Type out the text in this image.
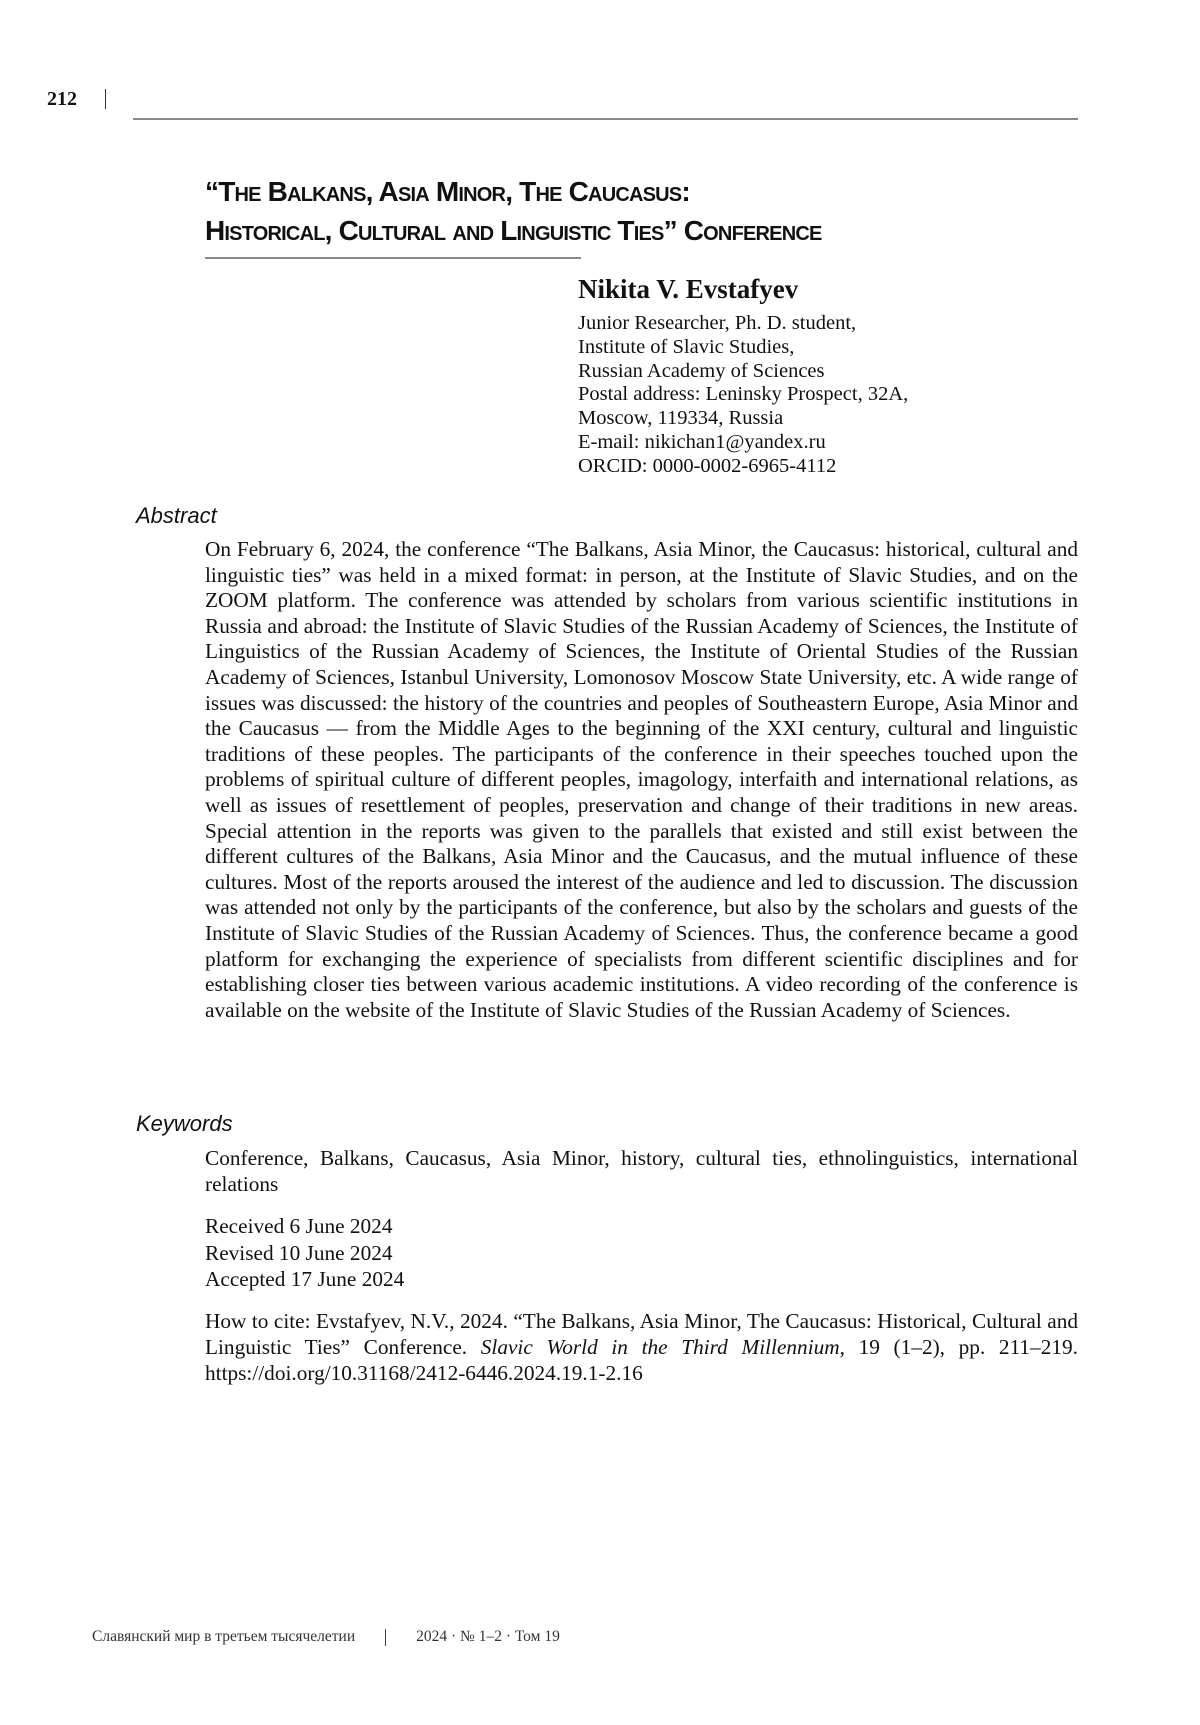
212
“The Balkans, Asia Minor, The Caucasus:
Historical, Cultural and Linguistic Ties” Conference
Nikita V. Evstafyev
Junior Researcher, Ph. D. student,
Institute of Slavic Studies,
Russian Academy of Sciences
Postal address: Leninsky Prospect, 32A,
Moscow, 119334, Russia
E-mail: nikichan1@yandex.ru
ORCID: 0000-0002-6965-4112
Abstract
On February 6, 2024, the conference “The Balkans, Asia Minor, the Caucasus: histori­cal, cultural and linguistic ties” was held in a mixed format: in person, at the Institute of Slavic Studies, and on the ZOOM platform. The conference was attended by scholars from various scientific institutions in Russia and abroad: the Institute of Slavic Studies of the Russian Academy of Sciences, the Institute of Linguistics of the Russian Acade­my of Sciences, the Institute of Oriental Studies of the Russian Academy of Sciences, Istanbul University, Lomonosov Moscow State University, etc. A wide range of issues was discussed: the history of the countries and peoples of Southeastern Europe, Asia Minor and the Caucasus — from the Middle Ages to the beginning of the XXI century, cultural and linguistic traditions of these peoples. The participants of the conference in their speeches touched upon the problems of spiritual culture of different peoples, imagology, interfaith and international relations, as well as issues of resettlement of peoples, preservation and change of their traditions in new areas. Special attention in the reports was given to the parallels that existed and still exist between the different cultures of the Balkans, Asia Minor and the Caucasus, and the mutual influence of these cultures. Most of the reports aroused the interest of the audience and led to discussion. The discussion was attended not only by the participants of the conference, but also by the scholars and guests of the Institute of Slavic Studies of the Russian Academy of Sciences. Thus, the conference became a good platform for exchanging the experi­ence of specialists from different scientific disciplines and for establishing closer ties between various academic institutions. A video recording of the conference is available on the website of the Institute of Slavic Studies of the Russian Academy of Sciences.
Keywords
Conference, Balkans, Caucasus, Asia Minor, history, cultural ties, ethnolinguistics, inter­national relations
Received 6 June 2024
Revised 10 June 2024
Accepted 17 June 2024
How to cite: Evstafyev, N.V., 2024. “The Balkans, Asia Minor, The Caucasus: Historical, Cultural and Linguistic Ties” Conference. Slavic World in the Third Millennium, 19 (1–2), pp. 211–219. https://doi.org/10.31168/2412-6446.2024.19.1-2.16
Славянский мир в третьем тысячелетии	2024 · № 1–2 · Том 19
